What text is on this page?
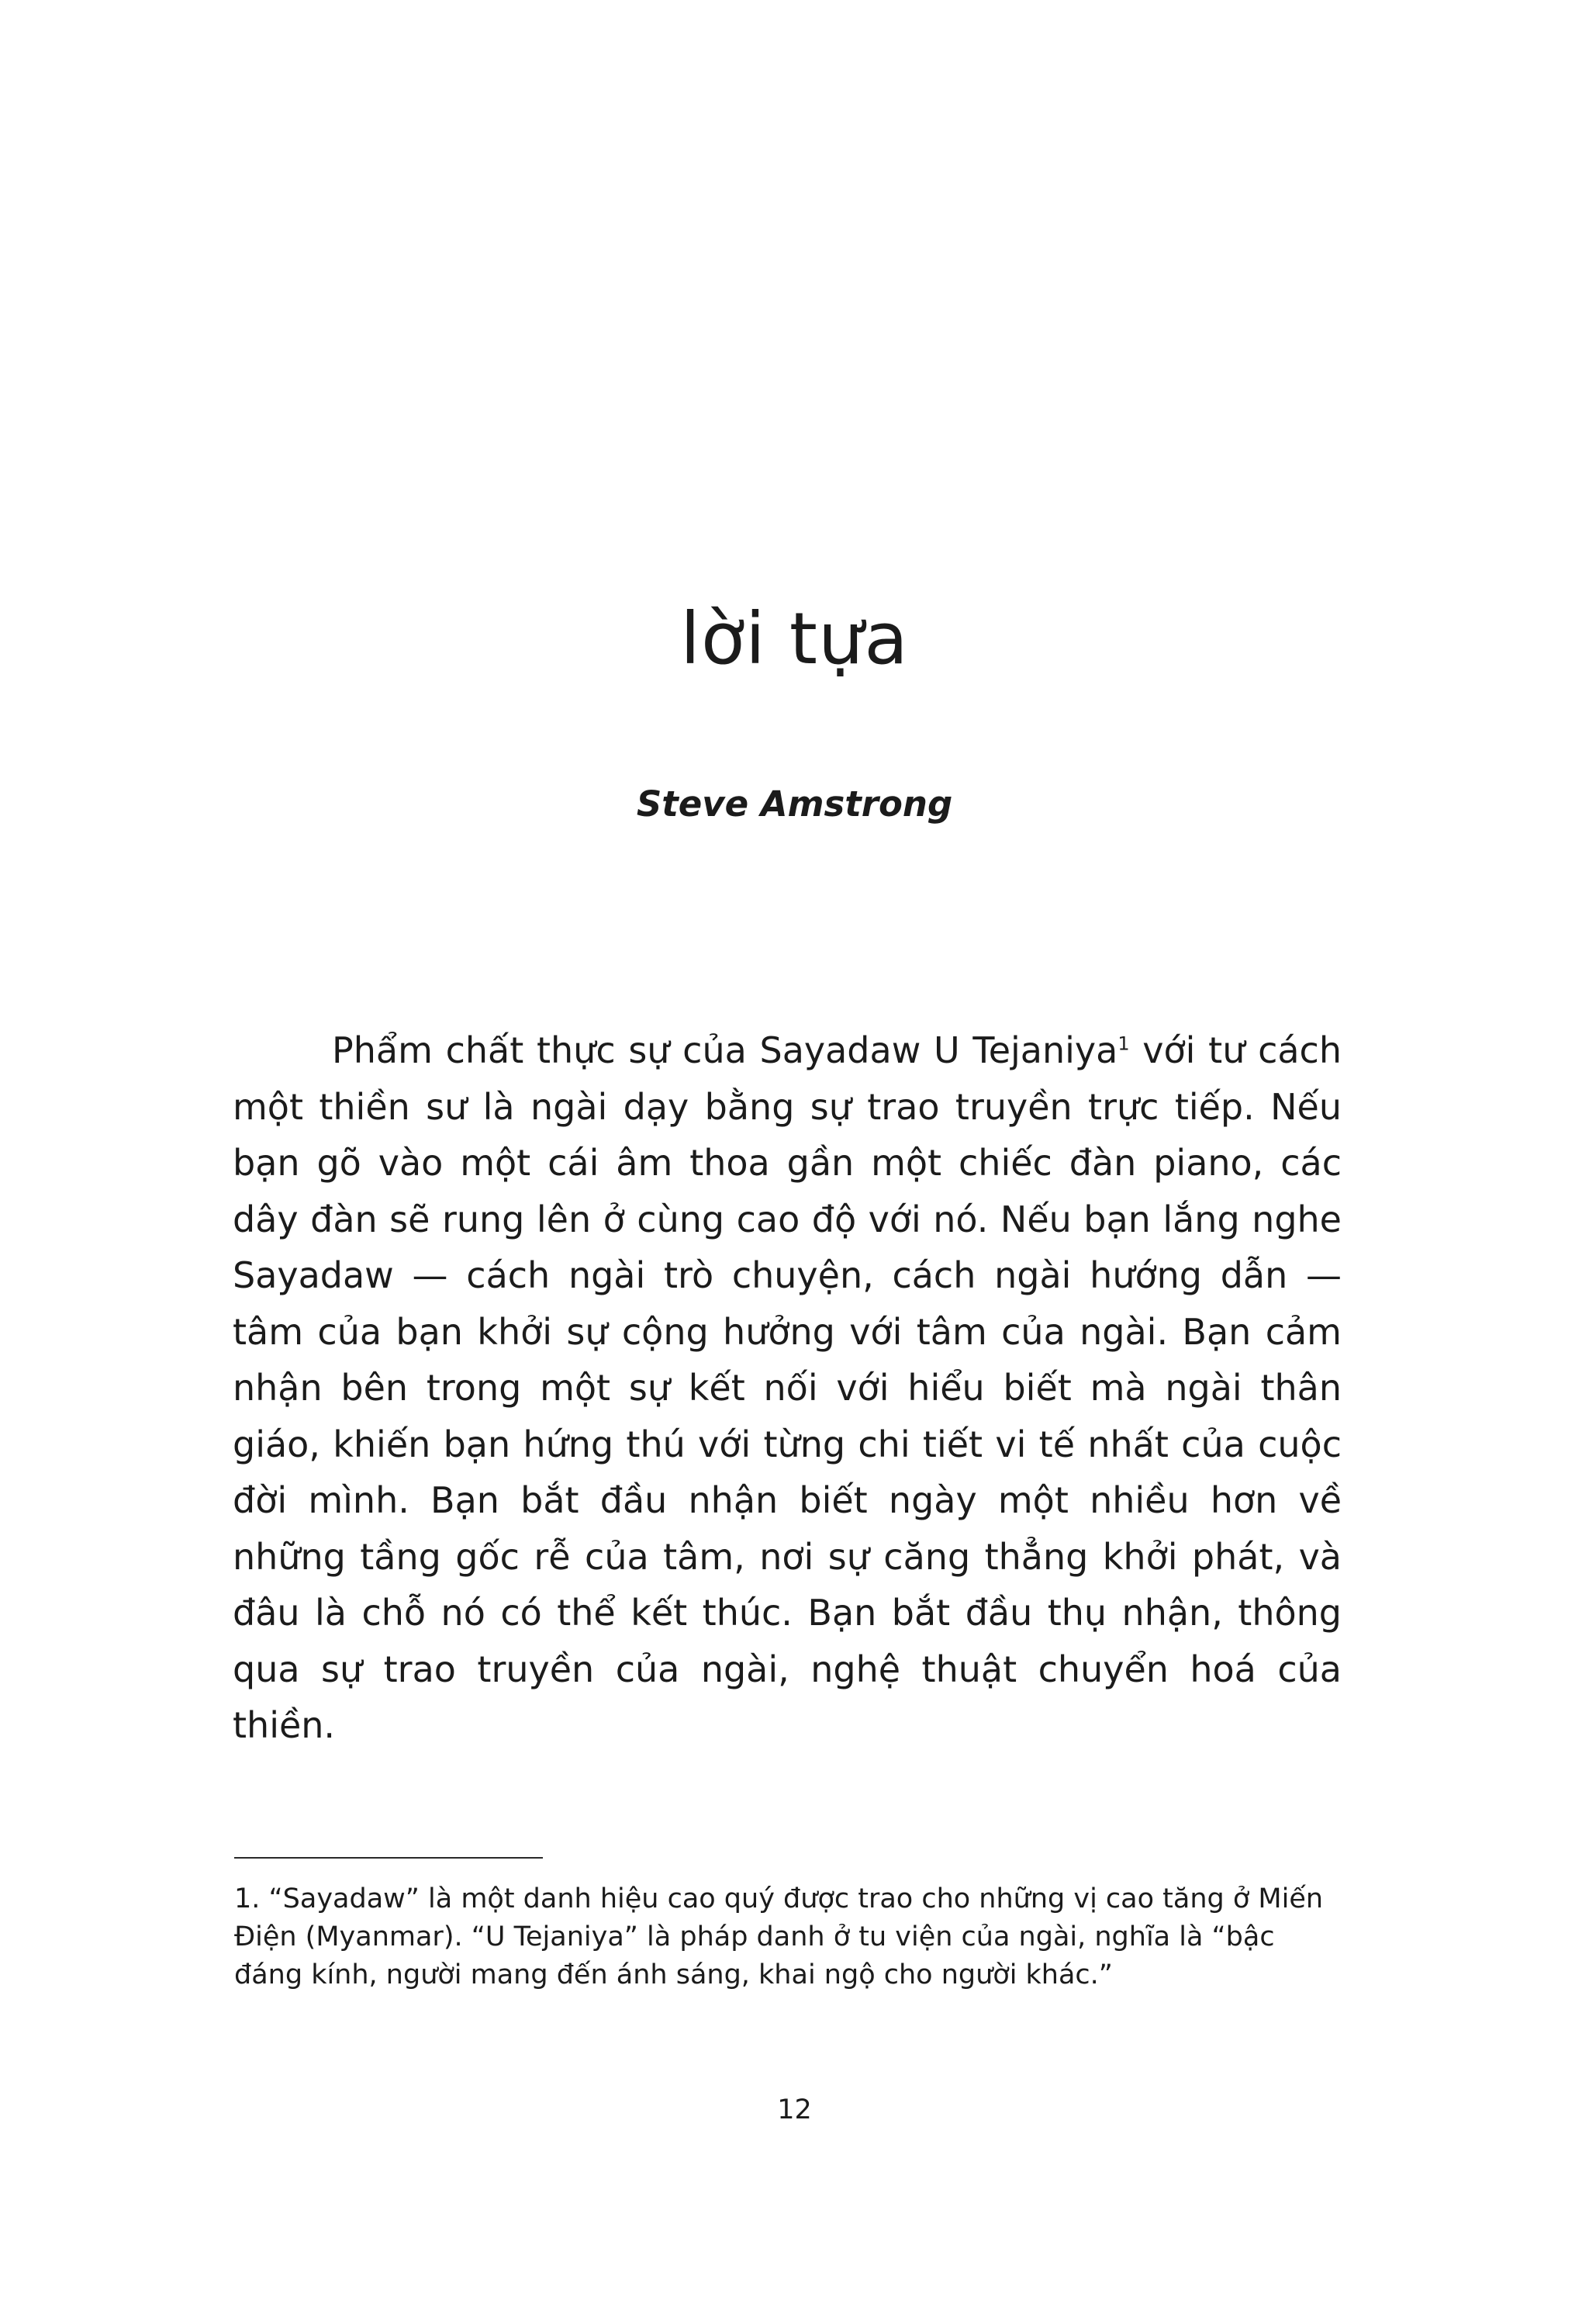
lời tựa

Steve Amstrong

Phẩm chất thực sự của Sayadaw U Tejaniya$^1$ với tư cách một thiền sư là ngài dạy bằng sự trao truyền trực tiếp. Nếu bạn gõ vào một cái âm thoa gần một chiếc đàn piano, các dây đàn sẽ rung lên ở cùng cao độ với nó. Nếu bạn lắng nghe Sayadaw — cách ngài trò chuyện, cách ngài hướng dẫn — tâm của bạn khởi sự cộng hưởng với tâm của ngài. Bạn cảm nhận bên trong một sự kết nối với hiểu biết mà ngài thân giáo, khiến bạn hứng thú với từng chi tiết vi tế nhất của cuộc đời mình. Bạn bắt đầu nhận biết ngày một nhiều hơn về những tầng gốc rễ của tâm, nơi sự căng thẳng khởi phát, và đâu là chỗ nó có thể kết thúc. Bạn bắt đầu thụ nhận, thông qua sự trao truyền của ngài, nghệ thuật chuyển hoá của thiền.

1. “Sayadaw” là một danh hiệu cao quý được trao cho những vị cao tăng ở Miến Điện (Myanmar). “U Tejaniya” là pháp danh ở tu viện của ngài, nghĩa là “bậc đáng kính, người mang đến ánh sáng, khai ngộ cho người khác.”

12
